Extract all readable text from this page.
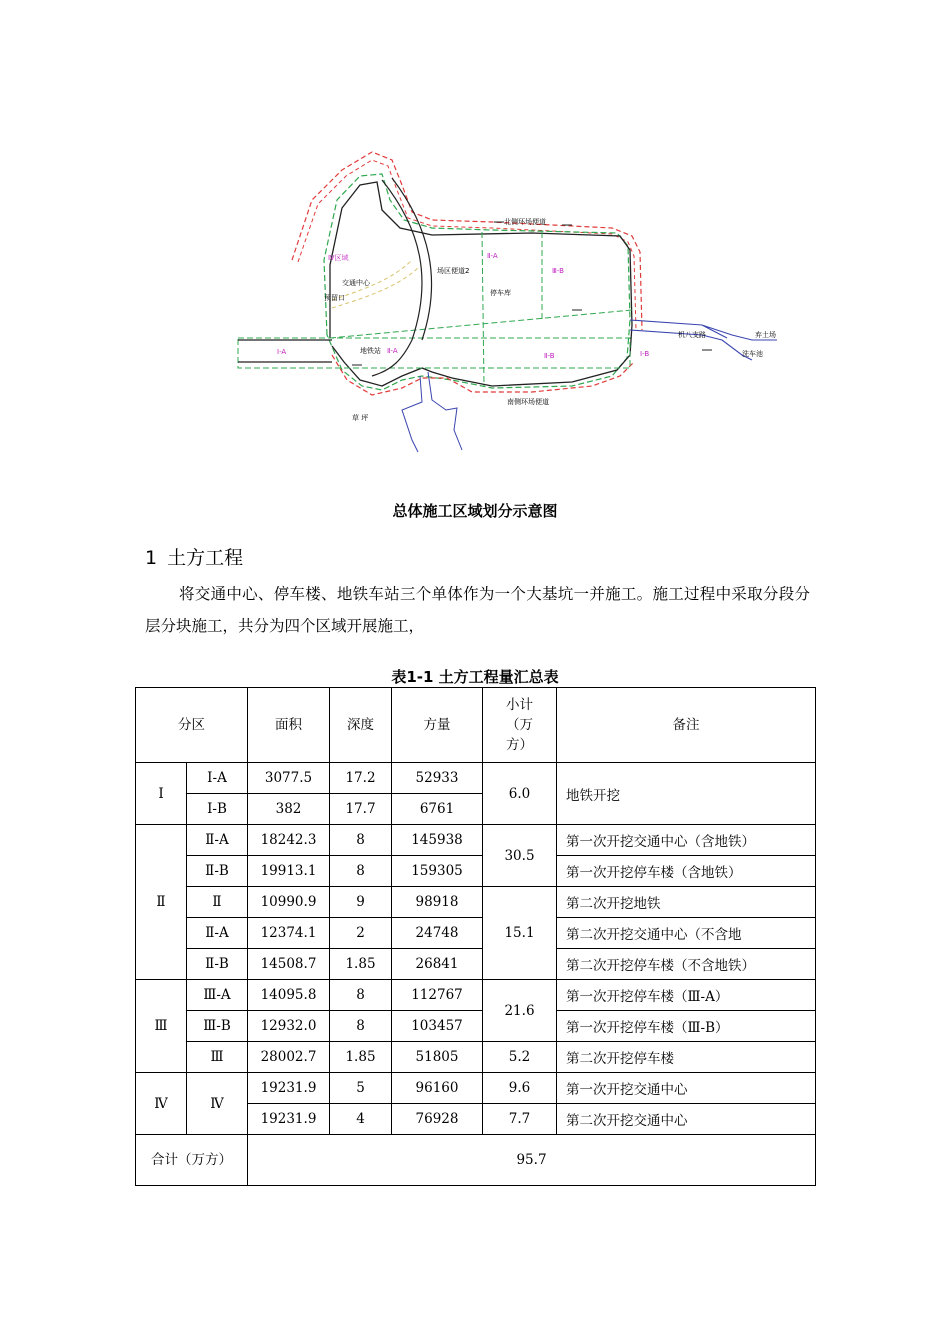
Ⅳ区域
交通中心
预留口
场区便道2
Ⅱ-A
Ⅲ-B
停车库
北侧环场便道
Ⅰ-A	地铁站 Ⅱ-A
Ⅱ-B	Ⅰ-B
机八支路	弃土场
洗车池
南侧环场便道
草 坪
总体施工区域划分示意图
1 土方工程
将交通中心、停车楼、地铁车站三个单体作为一个大基坑一并施工。施工过程中采取分段分层分块施工，共分为四个区域开展施工，
表1-1 土方工程量汇总表
分区		面积	深度	方量	小计（万方）	备注
Ⅰ	Ⅰ-A	3077.5	17.2	52933	6.0	地铁开挖
	Ⅰ-B	382	17.7	6761		
Ⅱ	Ⅱ-A	18242.3	8	145938	30.5	第一次开挖交通中心（含地铁）
	Ⅱ-B	19913.1	8	159305		第一次开挖停车楼（含地铁）
	Ⅱ	10990.9	9	98918	15.1	第二次开挖地铁
	Ⅱ-A	12374.1	2	24748		第二次开挖交通中心（不含地
	Ⅱ-B	14508.7	1.85	26841		第二次开挖停车楼（不含地铁）
Ⅲ	Ⅲ-A	14095.8	8	112767	21.6	第一次开挖停车楼（Ⅲ-A）
	Ⅲ-B	12932.0	8	103457		第一次开挖停车楼（Ⅲ-B）
	Ⅲ	28002.7	1.85	51805	5.2	第二次开挖停车楼
Ⅳ	Ⅳ	19231.9	5	96160	9.6	第一次开挖交通中心
		19231.9	4	76928	7.7	第二次开挖交通中心
合计（万方）		95.7				
